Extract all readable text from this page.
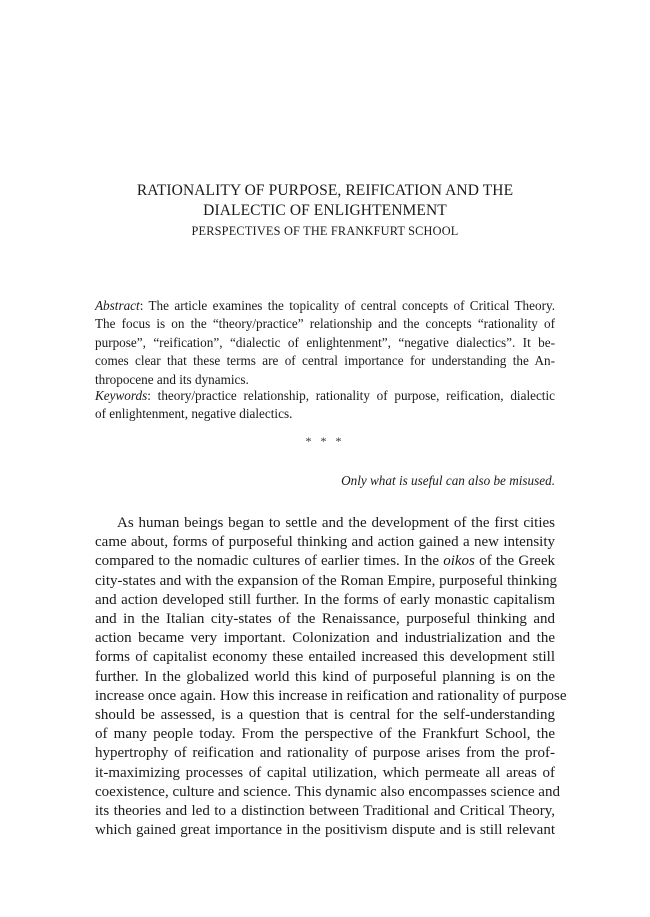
RATIONALITY OF PURPOSE, REIFICATION AND THE
DIALECTIC OF ENLIGHTENMENT
PERSPECTIVES OF THE FRANKFURT SCHOOL
Abstract: The article examines the topicality of central concepts of Critical Theory.
The focus is on the “theory/practice” relationship and the concepts “rationality of
purpose”, “reification”, “dialectic of enlightenment”, “negative dialectics”. It be-
comes clear that these terms are of central importance for understanding the An-
thropocene and its dynamics.
Keywords: theory/practice relationship, rationality of purpose, reification, dialectic
of enlightenment, negative dialectics.
* * *
Only what is useful can also be misused.
As human beings began to settle and the development of the first cities
came about, forms of purposeful thinking and action gained a new intensity
compared to the nomadic cultures of earlier times. In the oikos of the Greek
city-states and with the expansion of the Roman Empire, purposeful thinking
and action developed still further. In the forms of early monastic capitalism
and in the Italian city-states of the Renaissance, purposeful thinking and
action became very important. Colonization and industrialization and the
forms of capitalist economy these entailed increased this development still
further. In the globalized world this kind of purposeful planning is on the
increase once again. How this increase in reification and rationality of purpose
should be assessed, is a question that is central for the self-understanding
of many people today. From the perspective of the Frankfurt School, the
hypertrophy of reification and rationality of purpose arises from the prof-
it-maximizing processes of capital utilization, which permeate all areas of
coexistence, culture and science. This dynamic also encompasses science and
its theories and led to a distinction between Traditional and Critical Theory,
which gained great importance in the positivism dispute and is still relevant
